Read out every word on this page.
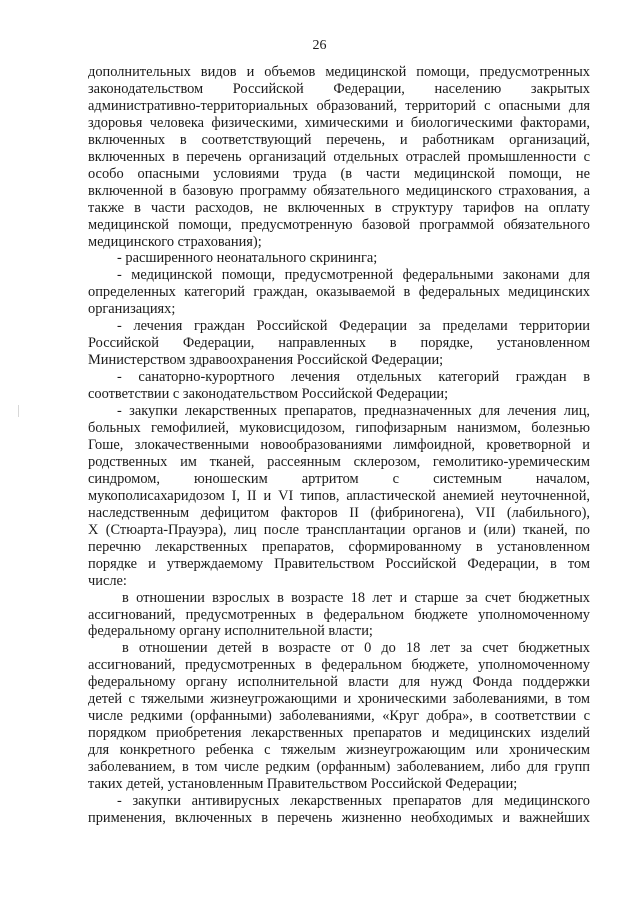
26
дополнительных видов и объемов медицинской помощи, предусмотренных
законодательством Российской Федерации, населению закрытых
административно-территориальных образований, территорий с опасными для
здоровья человека физическими, химическими и биологическими факторами,
включенных в соответствующий перечень, и работникам организаций,
включенных в перечень организаций отдельных отраслей промышленности с
особо опасными условиями труда (в части медицинской помощи, не
включенной в базовую программу обязательного медицинского страхования, а
также в части расходов, не включенных в структуру тарифов на оплату
медицинской помощи, предусмотренную базовой программой обязательного
медицинского страхования);
- расширенного неонатального скрининга;
- медицинской помощи, предусмотренной федеральными законами для
определенных категорий граждан, оказываемой в федеральных медицинских
организациях;
- лечения граждан Российской Федерации за пределами территории
Российской Федерации, направленных в порядке, установленном
Министерством здравоохранения Российской Федерации;
- санаторно-курортного лечения отдельных категорий граждан в
соответствии с законодательством Российской Федерации;
- закупки лекарственных препаратов, предназначенных для лечения лиц,
больных гемофилией, муковисцидозом, гипофизарным нанизмом, болезнью
Гоше, злокачественными новообразованиями лимфоидной, кроветворной и
родственных им тканей, рассеянным склерозом, гемолитико-уремическим
синдромом, юношеским артритом с системным началом,
мукополисахаридозом I, II и VI типов, апластической анемией неуточненной,
наследственным дефицитом факторов II (фибриногена), VII (лабильного),
X (Стюарта-Прауэра), лиц после трансплантации органов и (или) тканей, по
перечню лекарственных препаратов, сформированному в установленном
порядке и утверждаемому Правительством Российской Федерации, в том
числе:
в отношении взрослых в возрасте 18 лет и старше за счет бюджетных
ассигнований, предусмотренных в федеральном бюджете уполномоченному
федеральному органу исполнительной власти;
в отношении детей в возрасте от 0 до 18 лет за счет бюджетных
ассигнований, предусмотренных в федеральном бюджете, уполномоченному
федеральному органу исполнительной власти для нужд Фонда поддержки
детей с тяжелыми жизнеугрожающими и хроническими заболеваниями, в том
числе редкими (орфанными) заболеваниями, «Круг добра», в соответствии с
порядком приобретения лекарственных препаратов и медицинских изделий
для конкретного ребенка с тяжелым жизнеугрожающим или хроническим
заболеванием, в том числе редким (орфанным) заболеванием, либо для групп
таких детей, установленным Правительством Российской Федерации;
- закупки антивирусных лекарственных препаратов для медицинского
применения, включенных в перечень жизненно необходимых и важнейших
